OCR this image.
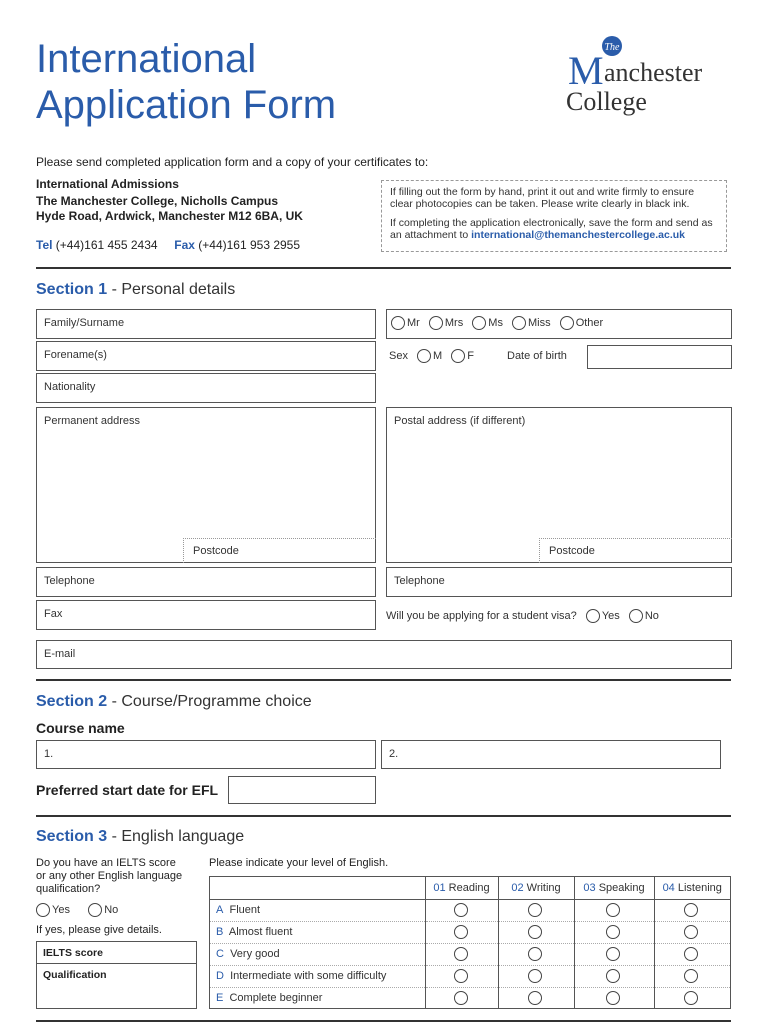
International
Application Form
The
M anchester
College
Please send completed application form and a copy of your certificates to:
International Admissions
The Manchester College, Nicholls Campus
Hyde Road, Ardwick, Manchester M12 6BA, UK
Tel (+44)161 455 2434 Fax (+44)161 953 2955

If filling out the form by hand, print it out and write firmly to ensure clear photocopies can be taken. Please write clearly in black ink.

If completing the application electronically, save the form and send as an attachment to international@themanchestercollege.ac.uk

Section 1 - Personal details
Family/Surname	Mr Mrs Ms Miss Other
Forename(s)	Sex M F	Date of birth
Nationality
Permanent address
Postcode
Postal address (if different)
Postcode
Telephone	Telephone
Fax	Will you be applying for a student visa? Yes No
E-mail
Section 2 - Course/Programme choice
Course name
1.	2.
Preferred start date for EFL
Section 3 - English language
Do you have an IELTS score or any other English language qualification?
Yes	No
If yes, please give details.
IELTS score
Qualification
Please indicate your level of English.
	01 Reading	02 Writing	03 Speaking	04 Listening
A Fluent				
B Almost fluent				
C Very good				
D Intermediate with some difficulty				
E Complete beginner				
